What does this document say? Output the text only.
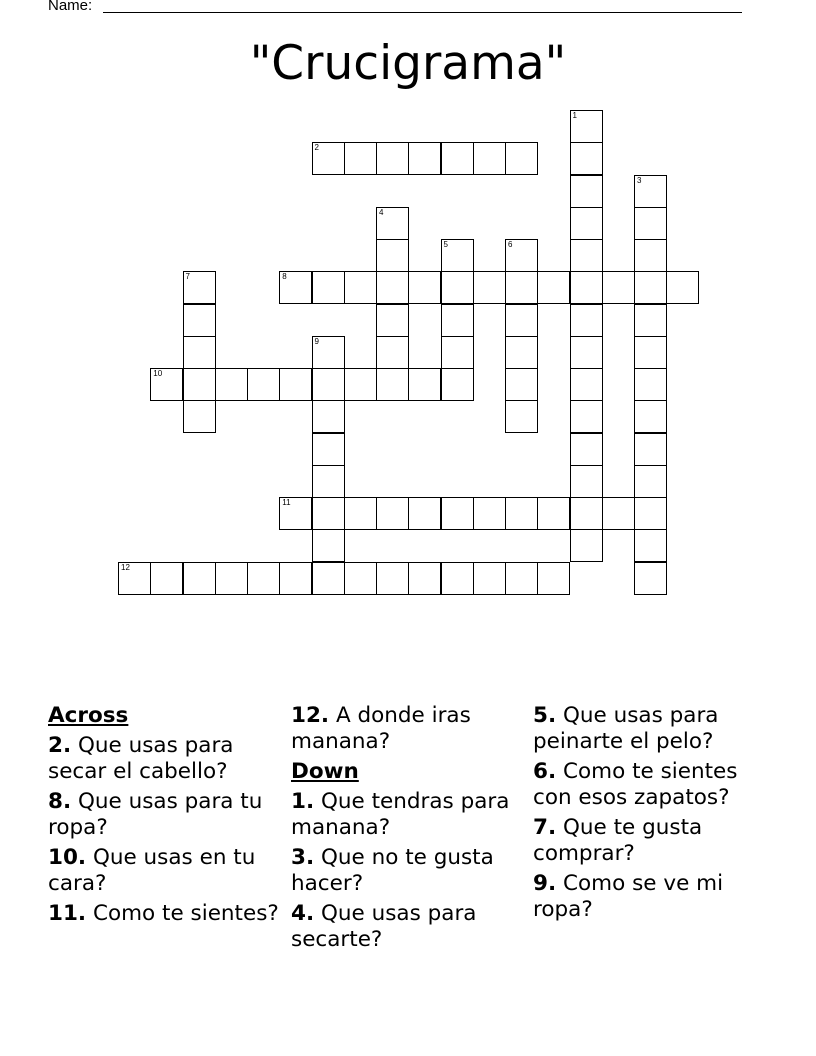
Name:
"Crucigrama"
2
8
10
11
12
1
3
4
5	6
7
9
Across
2. Que usas para secar el cabello?
8. Que usas para tu ropa?
10. Que usas en tu cara?
11. Como te sientes?
12. A donde iras manana?
Down
1. Que tendras para manana?
3. Que no te gusta hacer?
4. Que usas para secarte?
5. Que usas para peinarte el pelo?
6. Como te sientes con esos zapatos?
7. Que te gusta comprar?
9. Como se ve mi ropa?
